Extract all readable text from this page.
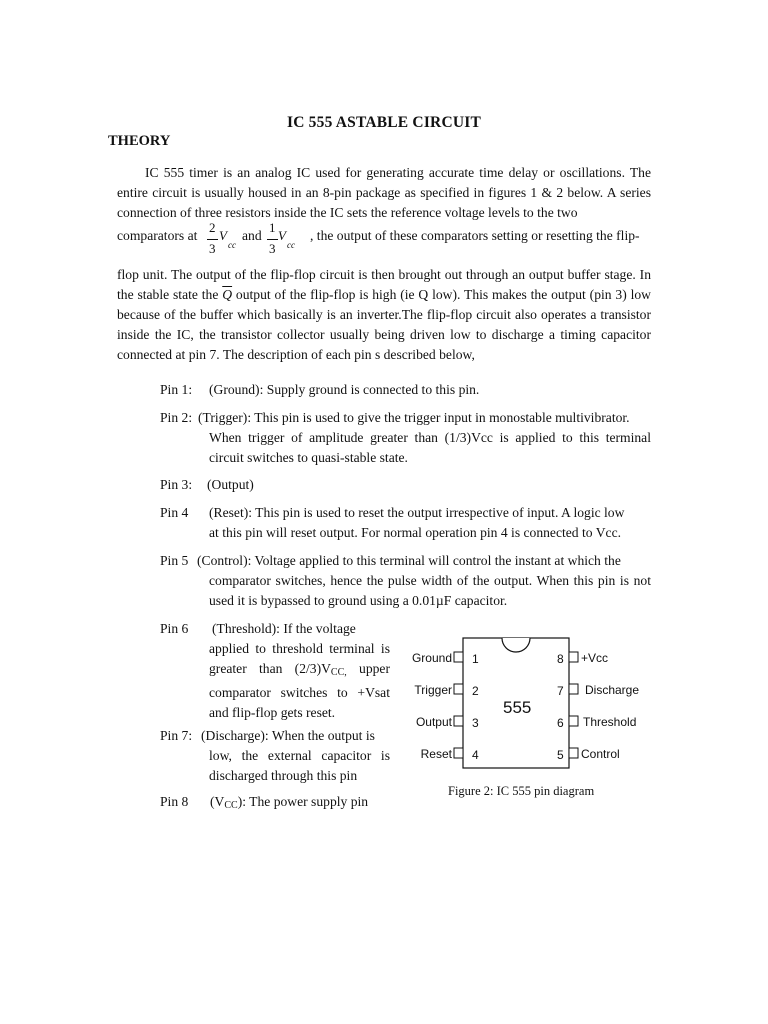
IC 555 ASTABLE CIRCUIT
THEORY
IC 555 timer is an analog IC used for generating accurate time delay or oscillations. The entire circuit is usually housed in an 8-pin package as specified in figures 1 & 2 below. A series connection of three resistors inside the IC sets the reference voltage levels to the two
comparators at
2
3
V
cc
and
1
3
V
cc
, the output of these comparators setting or resetting the flip-
flop unit. The output of the flip-flop circuit is then brought out through an output buffer stage. In the stable state the $\overline{Q}$ output of the flip-flop is high (ie Q low). This makes the output (pin 3) low because of the buffer which basically is an inverter.The flip-flop circuit also operates a transistor inside the IC, the transistor collector usually being driven low to discharge a timing capacitor connected at pin 7. The description of each pin s described below,
Pin 1: (Ground): Supply ground is connected to this pin.
Pin 2: (Trigger): This pin is used to give the trigger input in monostable multivibrator.
When trigger of amplitude greater than (1/3)Vcc is applied to this terminal circuit switches to quasi-stable state.
Pin 3: (Output)
Pin 4 (Reset): This pin is used to reset the output irrespective of input. A logic low
at this pin will reset output. For normal operation pin 4 is connected to Vcc.
Pin 5 (Control): Voltage applied to this terminal will control the instant at which the
comparator switches, hence the pulse width of the output. When this pin is not used it is bypassed to ground using a 0.01µF capacitor.
Pin 6 (Threshold): If the voltage
applied to threshold terminal is greater than $(2/3)V_{CC,}$ upper comparator switches to +Vsat and flip-flop gets reset.
Pin 7: (Discharge): When the output is
low, the external capacitor is discharged through this pin
Pin 8 $(V_{CC})$: The power supply pin
555
Ground 1
Trigger 2
Output 3
Reset 4
8 +Vcc
7 Discharge
6 Threshold
5 Control
Figure 2: IC 555 pin diagram
